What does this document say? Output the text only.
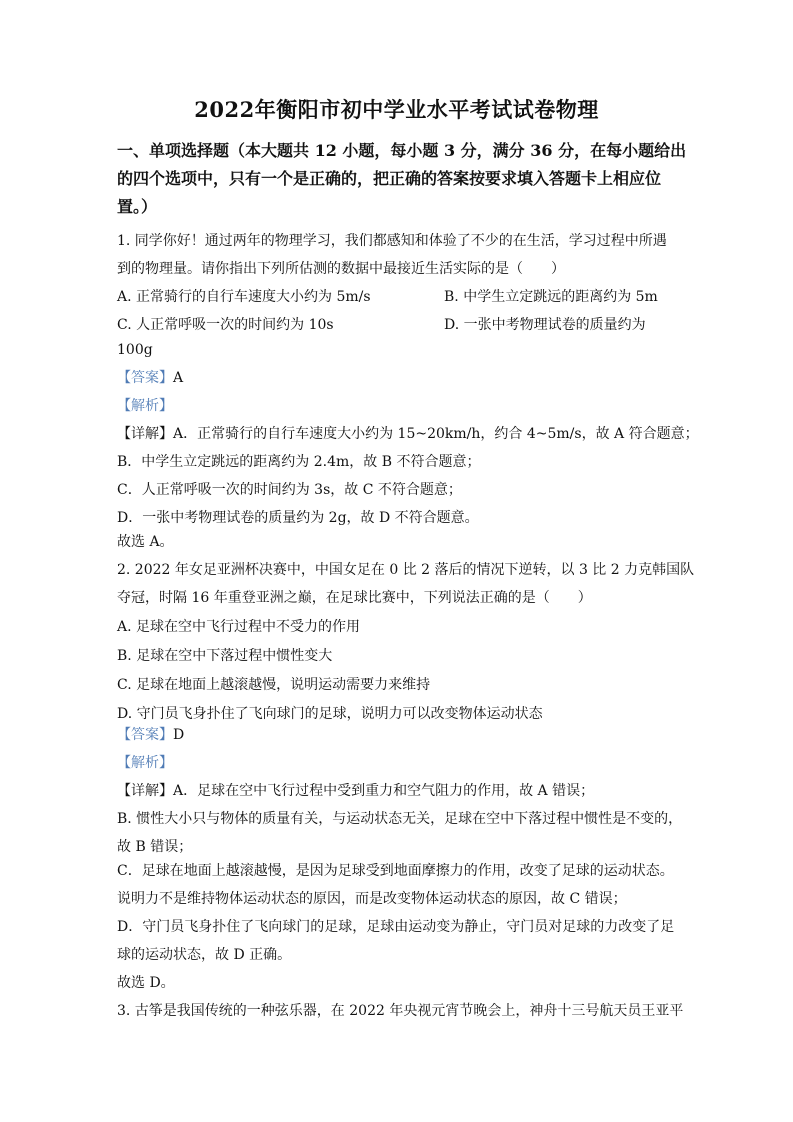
2022年衡阳市初中学业水平考试试卷物理
一、单项选择题（本大题共 12 小题，每小题 3 分，满分 36 分，在每小题给出
的四个选项中，只有一个是正确的，把正确的答案按要求填入答题卡上相应位
置。）
1. 同学你好！通过两年的物理学习，我们都感知和体验了不少的在生活，学习过程中所遇
到的物理量。请你指出下列所估测的数据中最接近生活实际的是（　　）
A. 正常骑行的自行车速度大小约为 5m/s	B. 中学生立定跳远的距离约为 5m
C. 人正常呼吸一次的时间约为 10s	D. 一张中考物理试卷的质量约为
100g
【答案】A
【解析】
【详解】A．正常骑行的自行车速度大小约为 15~20km/h，约合 4~5m/s，故 A 符合题意；
B．中学生立定跳远的距离约为 2.4m，故 B 不符合题意；
C．人正常呼吸一次的时间约为 3s，故 C 不符合题意；
D．一张中考物理试卷的质量约为 2g，故 D 不符合题意。
故选 A。
2. 2022 年女足亚洲杯决赛中，中国女足在 0 比 2 落后的情况下逆转，以 3 比 2 力克韩国队
夺冠，时隔 16 年重登亚洲之巅，在足球比赛中，下列说法正确的是（　　）
A. 足球在空中飞行过程中不受力的作用
B. 足球在空中下落过程中惯性变大
C. 足球在地面上越滚越慢，说明运动需要力来维持
D. 守门员飞身扑住了飞向球门的足球，说明力可以改变物体运动状态
【答案】D
【解析】
【详解】A．足球在空中飞行过程中受到重力和空气阻力的作用，故 A 错误；
B. 惯性大小只与物体的质量有关，与运动状态无关，足球在空中下落过程中惯性是不变的，
故 B 错误；
C．足球在地面上越滚越慢，是因为足球受到地面摩擦力的作用，改变了足球的运动状态。
说明力不是维持物体运动状态的原因，而是改变物体运动状态的原因，故 C 错误；
D．守门员飞身扑住了飞向球门的足球，足球由运动变为静止，守门员对足球的力改变了足
球的运动状态，故 D 正确。
故选 D。
3. 古筝是我国传统的一种弦乐器，在 2022 年央视元宵节晚会上，神舟十三号航天员王亚平
